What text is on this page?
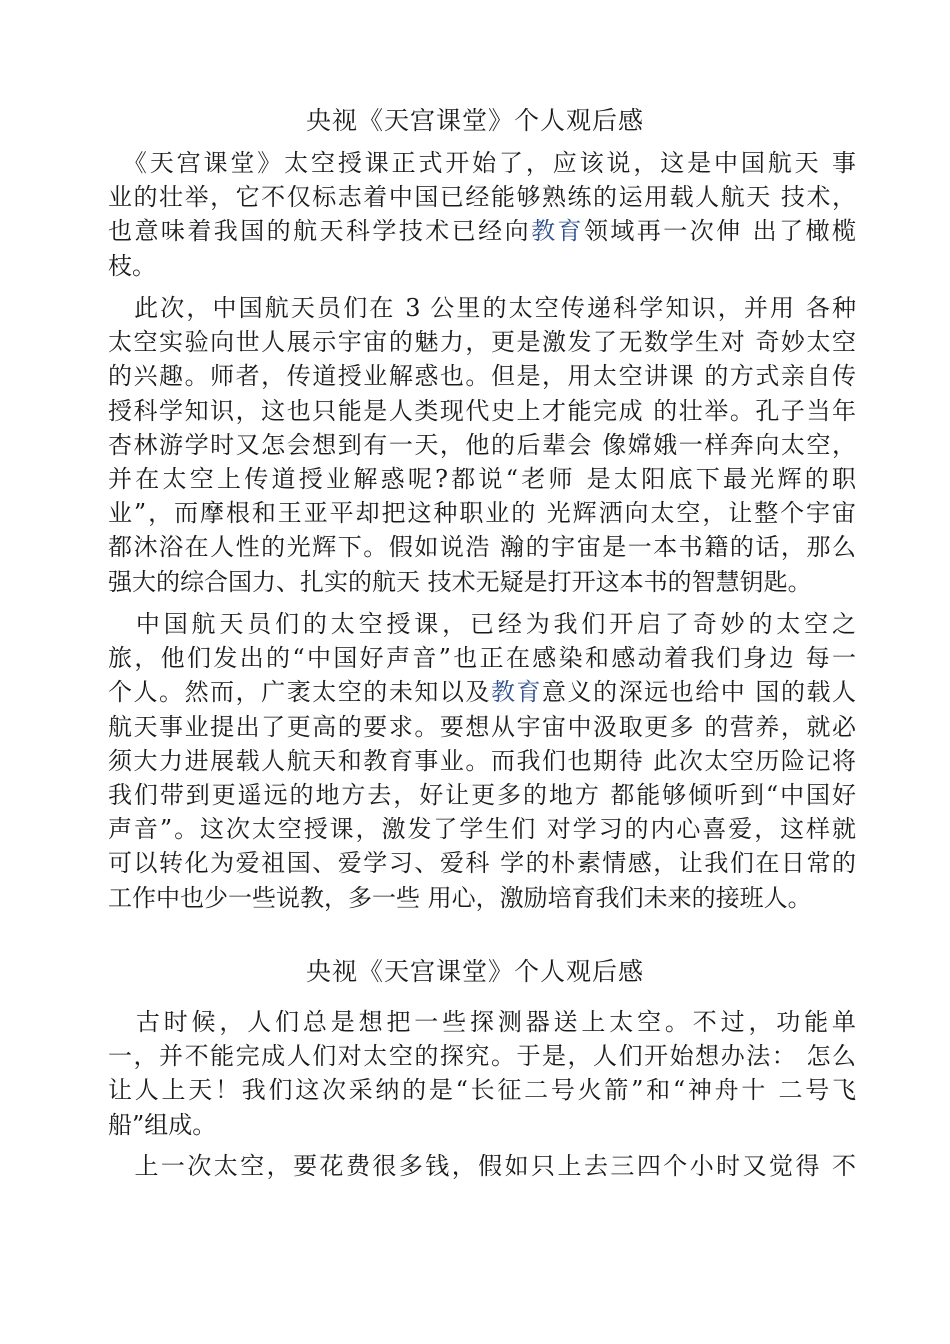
央视《天宫课堂》个人观后感
　《天宫课堂》太空授课正式开始了，应该说，这是中国航天 事
业的壮举，它不仅标志着中国已经能够熟练的运用载人航天 技术，
也意味着我国的航天科学技术已经向教育领域再一次伸 出了橄榄
枝。
　此次，中国航天员们在 3 公里的太空传递科学知识，并用 各种
太空实验向世人展示宇宙的魅力，更是激发了无数学生对 奇妙太空
的兴趣。师者，传道授业解惑也。但是，用太空讲课 的方式亲自传
授科学知识，这也只能是人类现代史上才能完成 的壮举。孔子当年
杏林游学时又怎会想到有一天，他的后辈会 像嫦娥一样奔向太空，
并在太空上传道授业解惑呢?都说“老师 是太阳底下最光辉的职
业”，而摩根和王亚平却把这种职业的 光辉洒向太空，让整个宇宙
都沐浴在人性的光辉下。假如说浩 瀚的宇宙是一本书籍的话，那么
强大的综合国力、扎实的航天 技术无疑是打开这本书的智慧钥匙。
　中国航天员们的太空授课，已经为我们开启了奇妙的太空之
旅，他们发出的“中国好声音”也正在感染和感动着我们身边 每一
个人。然而，广袤太空的未知以及教育意义的深远也给中 国的载人
航天事业提出了更高的要求。要想从宇宙中汲取更多 的营养，就必
须大力进展载人航天和教育事业。而我们也期待 此次太空历险记将
我们带到更遥远的地方去，好让更多的地方 都能够倾听到“中国好
声音”。这次太空授课，激发了学生们 对学习的内心喜爱，这样就
可以转化为爱祖国、爱学习、爱科 学的朴素情感，让我们在日常的
工作中也少一些说教，多一些 用心，激励培育我们未来的接班人。
央视《天宫课堂》个人观后感
　古时候，人们总是想把一些探测器送上太空。不过，功能单
一，并不能完成人们对太空的探究。于是，人们开始想办法： 怎么
让人上天！我们这次采纳的是“长征二号火箭”和“神舟十 二号飞
船”组成。
　上一次太空，要花费很多钱，假如只上去三四个小时又觉得 不
